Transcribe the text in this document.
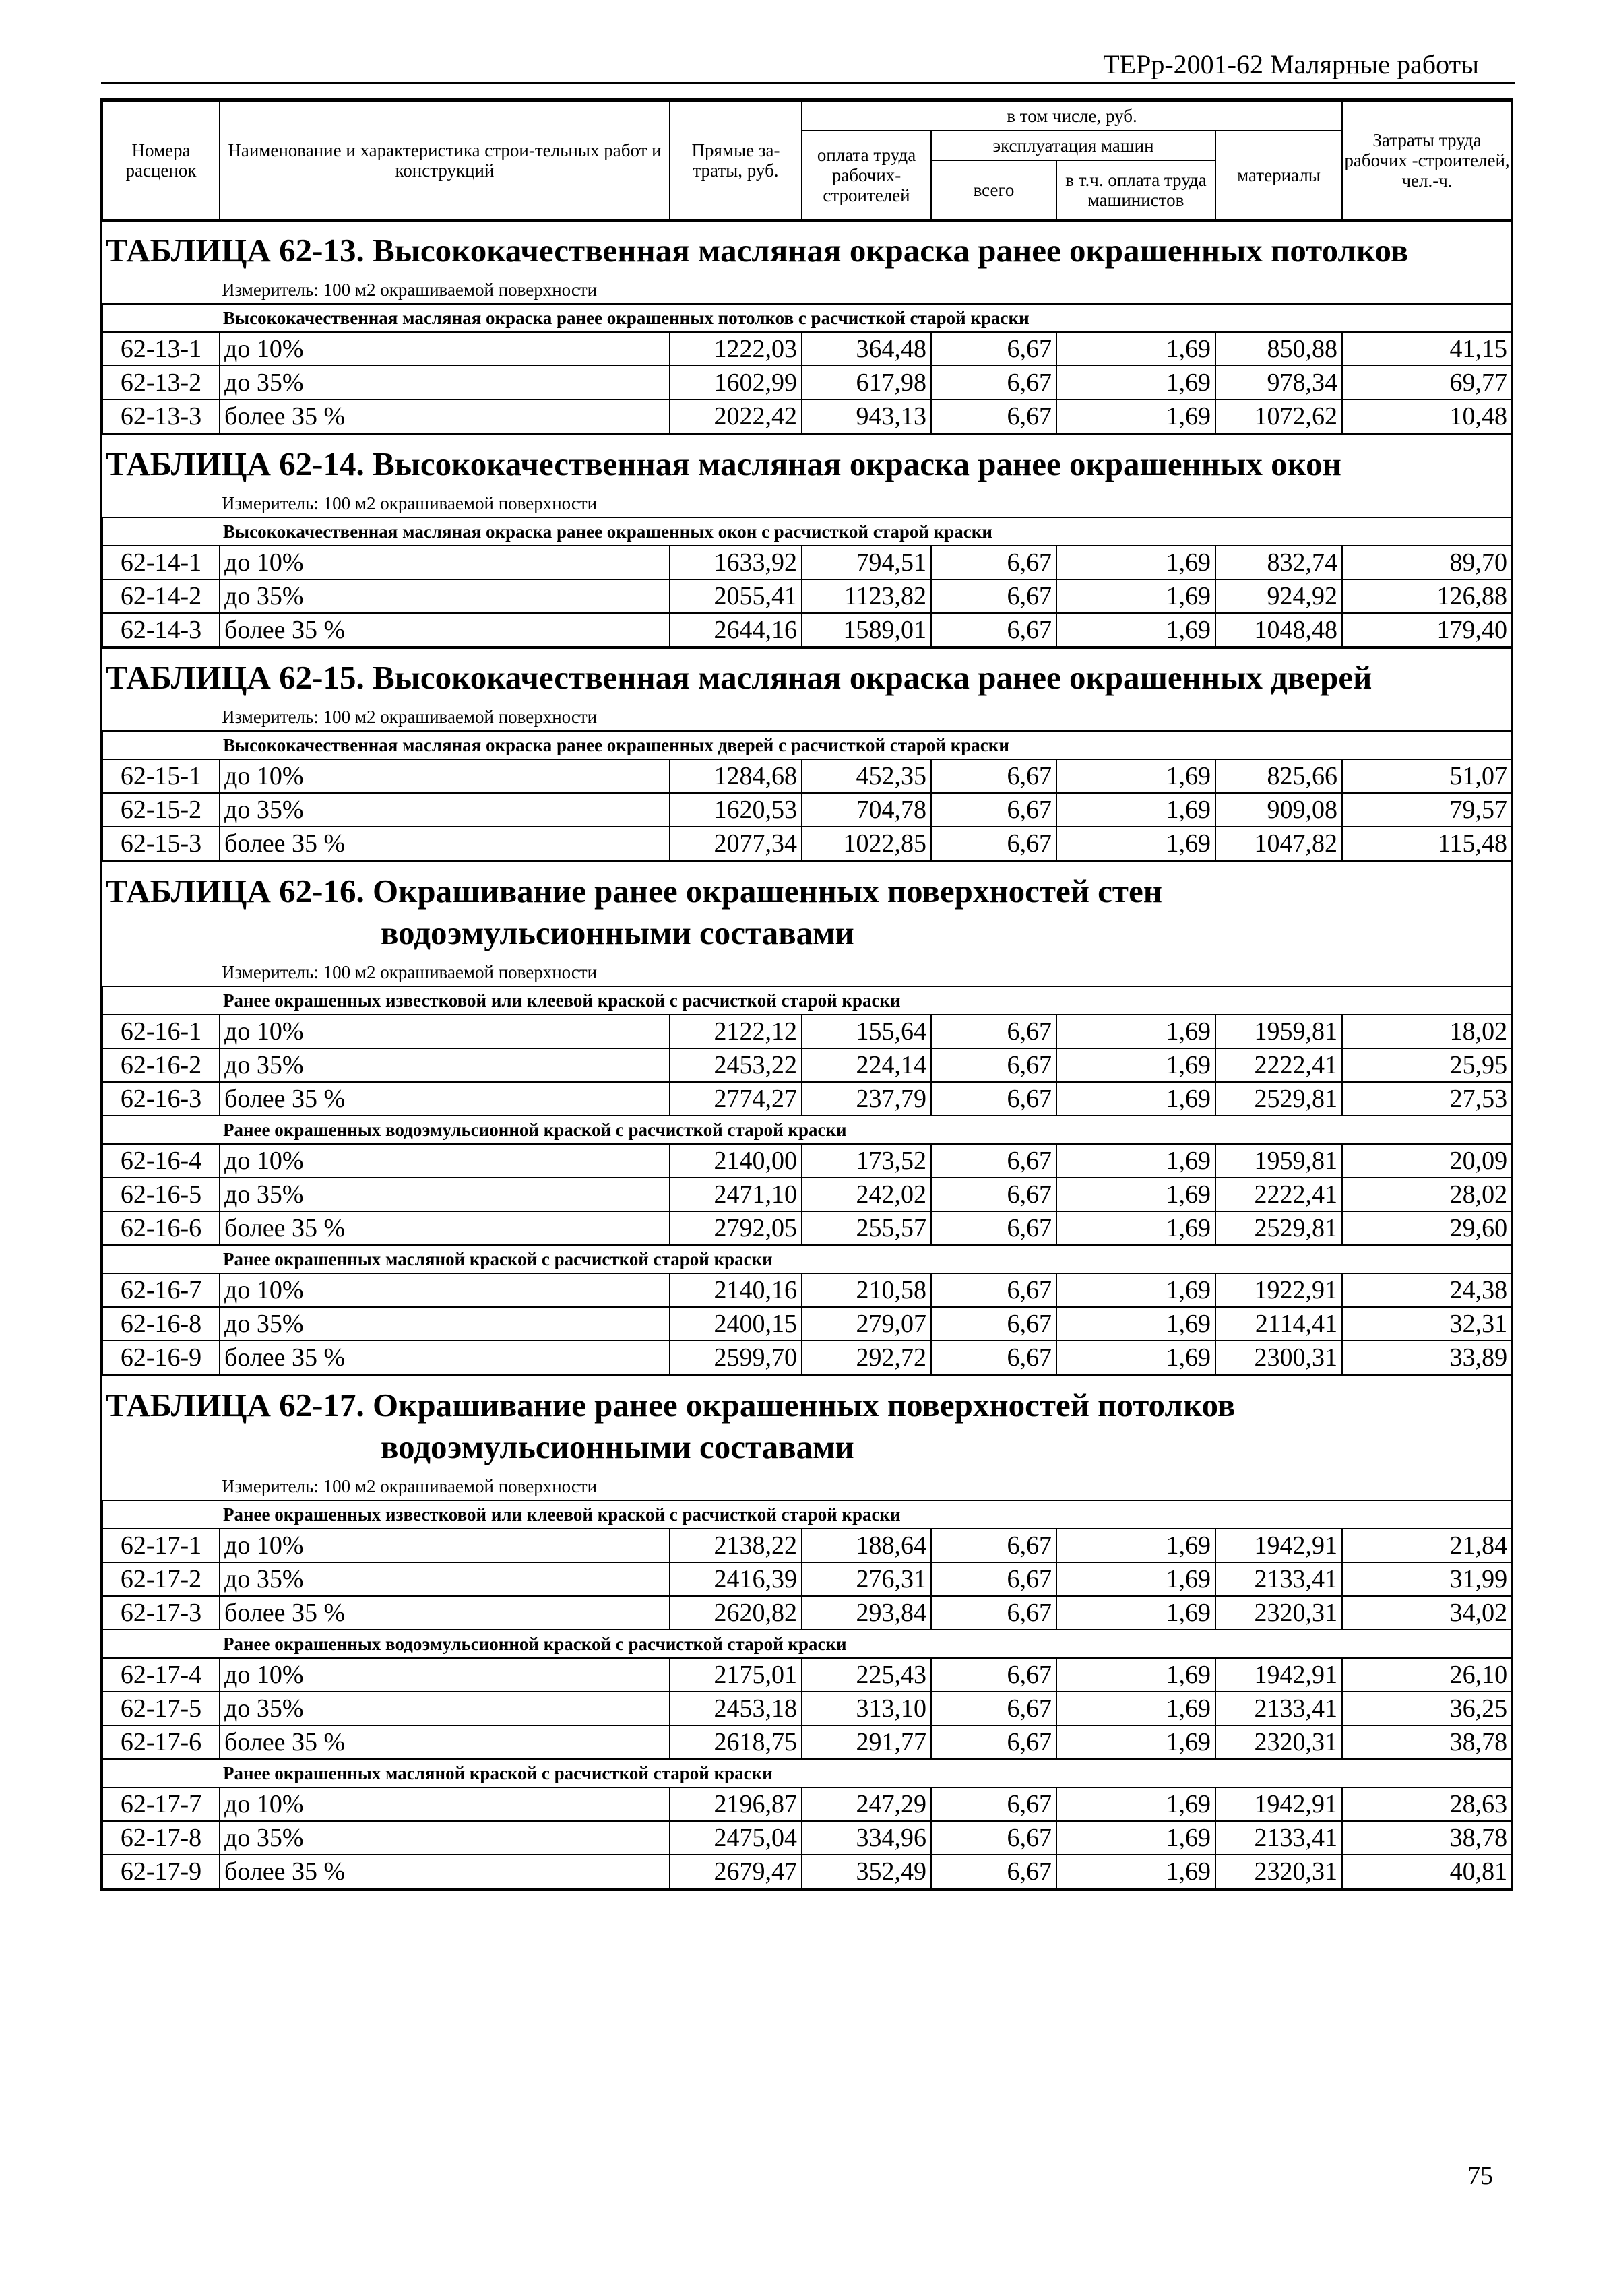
ТЕРр-2001-62 Малярные работы
Номера расценок	Наименование и характеристика строи-тельных работ и конструкций	Прямые за-траты, руб.	в том числе, руб.				Затраты труда рабочих -строителей, чел.-ч.
			оплата труда рабочих-строителей	эксплуатация машин		материалы	
				всего	в т.ч. оплата труда машинистов		

ТАБЛИЦА 62-13. Высококачественная масляная окраска ранее окрашенных потолков
Измеритель: 100 м2 окрашиваемой поверхности
Высококачественная масляная окраска ранее окрашенных потолков с расчисткой старой краски							
62-13-1	до 10%	1222,03	364,48	6,67	1,69	850,88	41,15
62-13-2	до 35%	1602,99	617,98	6,67	1,69	978,34	69,77
62-13-3	более 35 %	2022,42	943,13	6,67	1,69	1072,62	10,48
ТАБЛИЦА 62-14. Высококачественная масляная окраска ранее окрашенных окон
Измеритель: 100 м2 окрашиваемой поверхности
Высококачественная масляная окраска ранее окрашенных окон с расчисткой старой краски							
62-14-1	до 10%	1633,92	794,51	6,67	1,69	832,74	89,70
62-14-2	до 35%	2055,41	1123,82	6,67	1,69	924,92	126,88
62-14-3	более 35 %	2644,16	1589,01	6,67	1,69	1048,48	179,40
ТАБЛИЦА 62-15. Высококачественная масляная окраска ранее окрашенных дверей
Измеритель: 100 м2 окрашиваемой поверхности
Высококачественная масляная окраска ранее окрашенных дверей с расчисткой старой краски							
62-15-1	до 10%	1284,68	452,35	6,67	1,69	825,66	51,07
62-15-2	до 35%	1620,53	704,78	6,67	1,69	909,08	79,57
62-15-3	более 35 %	2077,34	1022,85	6,67	1,69	1047,82	115,48
ТАБЛИЦА 62-16. Окрашивание ранее окрашенных поверхностей стен
водоэмульсионными составами
Измеритель: 100 м2 окрашиваемой поверхности
Ранее окрашенных известковой или клеевой краской с расчисткой старой краски							
62-16-1	до 10%	2122,12	155,64	6,67	1,69	1959,81	18,02
62-16-2	до 35%	2453,22	224,14	6,67	1,69	2222,41	25,95
62-16-3	более 35 %	2774,27	237,79	6,67	1,69	2529,81	27,53
Ранее окрашенных водоэмульсионной краской с расчисткой старой краски							
62-16-4	до 10%	2140,00	173,52	6,67	1,69	1959,81	20,09
62-16-5	до 35%	2471,10	242,02	6,67	1,69	2222,41	28,02
62-16-6	более 35 %	2792,05	255,57	6,67	1,69	2529,81	29,60
Ранее окрашенных масляной краской с расчисткой старой краски							
62-16-7	до 10%	2140,16	210,58	6,67	1,69	1922,91	24,38
62-16-8	до 35%	2400,15	279,07	6,67	1,69	2114,41	32,31
62-16-9	более 35 %	2599,70	292,72	6,67	1,69	2300,31	33,89
ТАБЛИЦА 62-17. Окрашивание ранее окрашенных поверхностей потолков
водоэмульсионными составами
Измеритель: 100 м2 окрашиваемой поверхности
Ранее окрашенных известковой или клеевой краской с расчисткой старой краски							
62-17-1	до 10%	2138,22	188,64	6,67	1,69	1942,91	21,84
62-17-2	до 35%	2416,39	276,31	6,67	1,69	2133,41	31,99
62-17-3	более 35 %	2620,82	293,84	6,67	1,69	2320,31	34,02
Ранее окрашенных водоэмульсионной краской с расчисткой старой краски							
62-17-4	до 10%	2175,01	225,43	6,67	1,69	1942,91	26,10
62-17-5	до 35%	2453,18	313,10	6,67	1,69	2133,41	36,25
62-17-6	более 35 %	2618,75	291,77	6,67	1,69	2320,31	38,78
Ранее окрашенных масляной краской с расчисткой старой краски							
62-17-7	до 10%	2196,87	247,29	6,67	1,69	1942,91	28,63
62-17-8	до 35%	2475,04	334,96	6,67	1,69	2133,41	38,78
62-17-9	более 35 %	2679,47	352,49	6,67	1,69	2320,31	40,81
75
